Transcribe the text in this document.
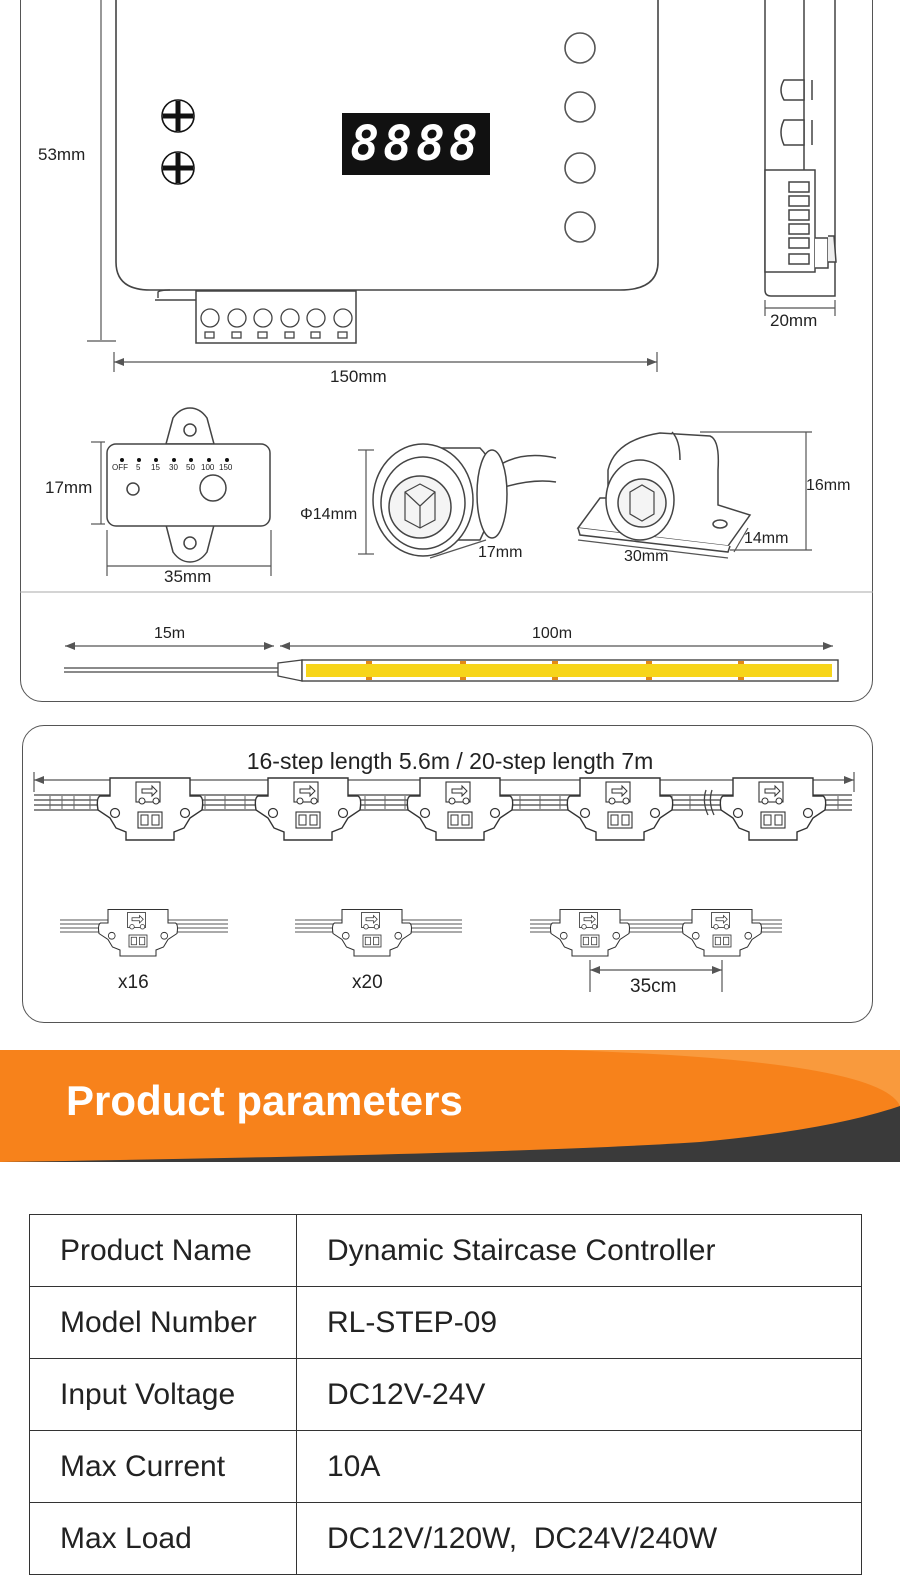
8888
53mm
150mm
20mm
17mm
35mm
OFF 5 15 30 50 100 150
Φ14mm
17mm
16mm
30mm
14mm
15m	100m
16-step length 5.6m / 20-step length 7m
x16	x20	35cm
Product parameters
Product Name	Dynamic Staircase Controller
Model Number	RL-STEP-09
Input Voltage	DC12V-24V
Max Current	10A
Max Load	DC12V/120W,  DC24V/240W
